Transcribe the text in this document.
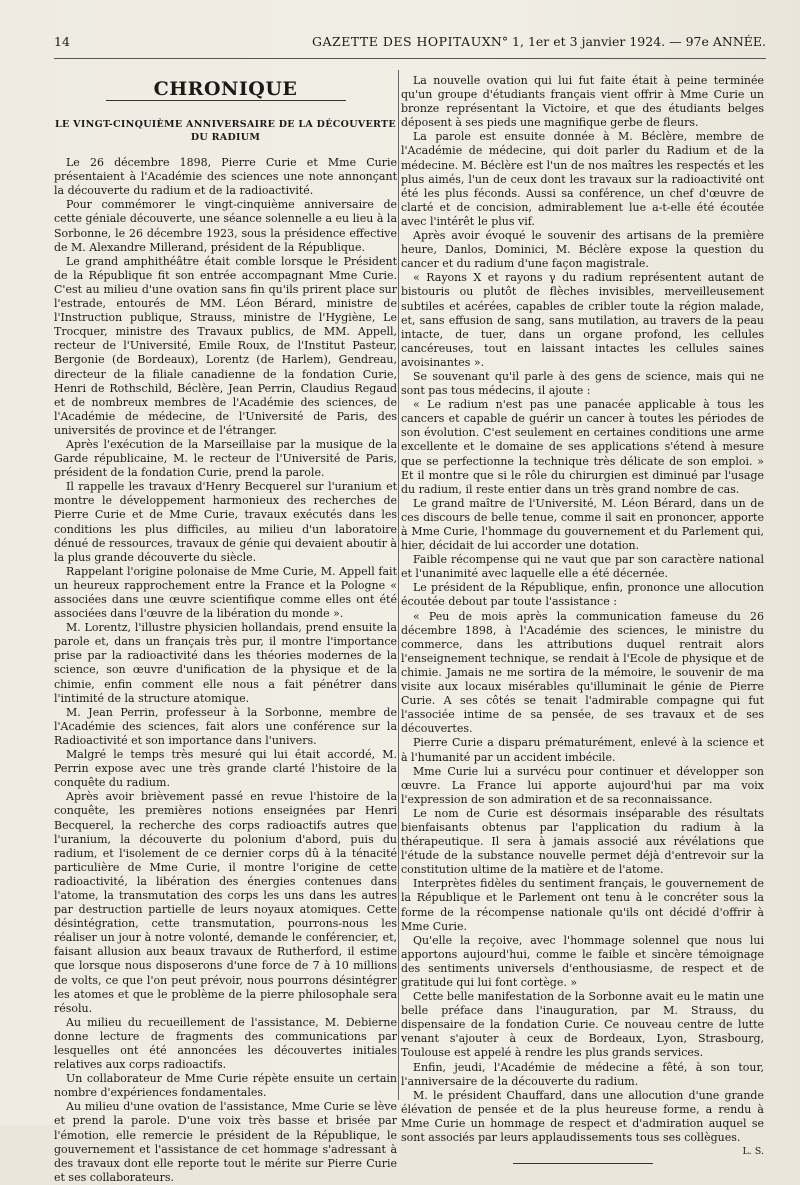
14	GAZETTE DES HOPITAUX N° 1, 1er et 3 janvier 1924. — 97e ANNÉE.
CHRONIQUE
LE VINGT-CINQUIÈME ANNIVERSAIRE DE LA DÉCOUVERTE DU RADIUM

Le 26 décembre 1898, Pierre Curie et Mme Curie présentaient à l'Académie des sciences une note annonçant la découverte du radium et de la radioactivité.

Pour commémorer le vingt-cinquième anniversaire de cette géniale découverte, une séance solennelle a eu lieu à la Sorbonne, le 26 décembre 1923, sous la présidence effective de M. Alexandre Millerand, président de la République.

Le grand amphithéâtre était comble lorsque le Président de la République fit son entrée accompagnant Mme Curie. C'est au milieu d'une ovation sans fin qu'ils prirent place sur l'estrade, entourés de MM. Léon Bérard, ministre de l'Instruction publique, Strauss, ministre de l'Hygiène, Le Trocquer, ministre des Travaux publics, de MM. Appell, recteur de l'Université, Emile Roux, de l'Institut Pasteur, Bergonie (de Bordeaux), Lorentz (de Harlem), Gendreau, directeur de la filiale canadienne de la fondation Curie, Henri de Rothschild, Béclère, Jean Perrin, Claudius Regaud et de nombreux membres de l'Académie des sciences, de l'Académie de médecine, de l'Université de Paris, des universités de province et de l'étranger.

Après l'exécution de la Marseillaise par la musique de la Garde républicaine, M. le recteur de l'Université de Paris, président de la fondation Curie, prend la parole.

Il rappelle les travaux d'Henry Becquerel sur l'uranium et montre le développement harmonieux des recherches de Pierre Curie et de Mme Curie, travaux exécutés dans les conditions les plus difficiles, au milieu d'un laboratoire dénué de ressources, travaux de génie qui devaient aboutir à la plus grande découverte du siècle.

Rappelant l'origine polonaise de Mme Curie, M. Appell fait un heureux rapprochement entre la France et la Pologne « associées dans une œuvre scientifique comme elles ont été associées dans l'œuvre de la libération du monde ».

M. Lorentz, l'illustre physicien hollandais, prend ensuite la parole et, dans un français très pur, il montre l'importance prise par la radioactivité dans les théories modernes de la science, son œuvre d'unification de la physique et de la chimie, enfin comment elle nous a fait pénétrer dans l'intimité de la structure atomique.

M. Jean Perrin, professeur à la Sorbonne, membre de l'Académie des sciences, fait alors une conférence sur la Radioactivité et son importance dans l'univers.

Malgré le temps très mesuré qui lui était accordé, M. Perrin expose avec une très grande clarté l'histoire de la conquête du radium.

Après avoir brièvement passé en revue l'histoire de la conquête, les premières notions enseignées par Henri Becquerel, la recherche des corps radioactifs autres que l'uranium, la découverte du polonium d'abord, puis du radium, et l'isolement de ce dernier corps dû à la ténacité particulière de Mme Curie, il montre l'origine de cette radioactivité, la libération des énergies contenues dans l'atome, la transmutation des corps les uns dans les autres par destruction partielle de leurs noyaux atomiques. Cette désintégration, cette transmutation, pourrons-nous les réaliser un jour à notre volonté, demande le conférencier, et, faisant allusion aux beaux travaux de Rutherford, il estime que lorsque nous disposerons d'une force de 7 à 10 millions de volts, ce que l'on peut prévoir, nous pourrons désintégrer les atomes et que le problème de la pierre philosophale sera résolu.

Au milieu du recueillement de l'assistance, M. Debierne donne lecture de fragments des communications par lesquelles ont été annoncées les découvertes initiales relatives aux corps radioactifs.

Un collaborateur de Mme Curie répète ensuite un certain nombre d'expériences fondamentales.

Au milieu d'une ovation de l'assistance, Mme Curie se lève et prend la parole. D'une voix très basse et brisée par l'émotion, elle remercie le président de la République, le gouvernement et l'assistance de cet hommage s'adressant à des travaux dont elle reporte tout le mérite sur Pierre Curie et ses collaborateurs.

La nouvelle ovation qui lui fut faite était à peine terminée qu'un groupe d'étudiants français vient offrir à Mme Curie un bronze représentant la Victoire, et que des étudiants belges déposent à ses pieds une magnifique gerbe de fleurs.

La parole est ensuite donnée à M. Béclère, membre de l'Académie de médecine, qui doit parler du Radium et de la médecine. M. Béclère est l'un de nos maîtres les respectés et les plus aimés, l'un de ceux dont les travaux sur la radioactivité ont été les plus féconds. Aussi sa conférence, un chef d'œuvre de clarté et de concision, admirablement lue a-t-elle été écoutée avec l'intérêt le plus vif.

Après avoir évoqué le souvenir des artisans de la première heure, Danlos, Dominici, M. Béclère expose la question du cancer et du radium d'une façon magistrale.

« Rayons X et rayons γ du radium représentent autant de bistouris ou plutôt de flèches invisibles, merveilleusement subtiles et acérées, capables de cribler toute la région malade, et, sans effusion de sang, sans mutilation, au travers de la peau intacte, de tuer, dans un organe profond, les cellules cancéreuses, tout en laissant intactes les cellules saines avoisinantes ».

Se souvenant qu'il parle à des gens de science, mais qui ne sont pas tous médecins, il ajoute :

« Le radium n'est pas une panacée applicable à tous les cancers et capable de guérir un cancer à toutes les périodes de son évolution. C'est seulement en certaines conditions une arme excellente et le domaine de ses applications s'étend à mesure que se perfectionne la technique très délicate de son emploi. » Et il montre que si le rôle du chirurgien est diminué par l'usage du radium, il reste entier dans un très grand nombre de cas.

Le grand maître de l'Université, M. Léon Bérard, dans un de ces discours de belle tenue, comme il sait en prononcer, apporte à Mme Curie, l'hommage du gouvernement et du Parlement qui, hier, décidait de lui accorder une dotation.

Faible récompense qui ne vaut que par son caractère national et l'unanimité avec laquelle elle a été décernée.

Le président de la République, enfin, prononce une allocution écoutée debout par toute l'assistance :

« Peu de mois après la communication fameuse du 26 décembre 1898, à l'Académie des sciences, le ministre du commerce, dans les attributions duquel rentrait alors l'enseignement technique, se rendait à l'Ecole de physique et de chimie. Jamais ne me sortira de la mémoire, le souvenir de ma visite aux locaux misérables qu'illuminait le génie de Pierre Curie. A ses côtés se tenait l'admirable compagne qui fut l'associée intime de sa pensée, de ses travaux et de ses découvertes.

Pierre Curie a disparu prématurément, enlevé à la science et à l'humanité par un accident imbécile.

Mme Curie lui a survécu pour continuer et développer son œuvre. La France lui apporte aujourd'hui par ma voix l'expression de son admiration et de sa reconnaissance.

Le nom de Curie est désormais inséparable des résultats bienfaisants obtenus par l'application du radium à la thérapeutique. Il sera à jamais associé aux révélations que l'étude de la substance nouvelle permet déjà d'entrevoir sur la constitution ultime de la matière et de l'atome.

Interprètes fidèles du sentiment français, le gouvernement de la République et le Parlement ont tenu à le concréter sous la forme de la récompense nationale qu'ils ont décidé d'offrir à Mme Curie.

Qu'elle la reçoive, avec l'hommage solennel que nous lui apportons aujourd'hui, comme le faible et sincère témoignage des sentiments universels d'enthousiasme, de respect et de gratitude qui lui font cortège. »

Cette belle manifestation de la Sorbonne avait eu le matin une belle préface dans l'inauguration, par M. Strauss, du dispensaire de la fondation Curie. Ce nouveau centre de lutte venant s'ajouter à ceux de Bordeaux, Lyon, Strasbourg, Toulouse est appelé à rendre les plus grands services.

Enfin, jeudi, l'Académie de médecine a fêté, à son tour, l'anniversaire de la découverte du radium.

M. le président Chauffard, dans une allocution d'une grande élévation de pensée et de la plus heureuse forme, a rendu à Mme Curie un hommage de respect et d'admiration auquel se sont associés par leurs applaudissements tous ses collègues.

L. S.
